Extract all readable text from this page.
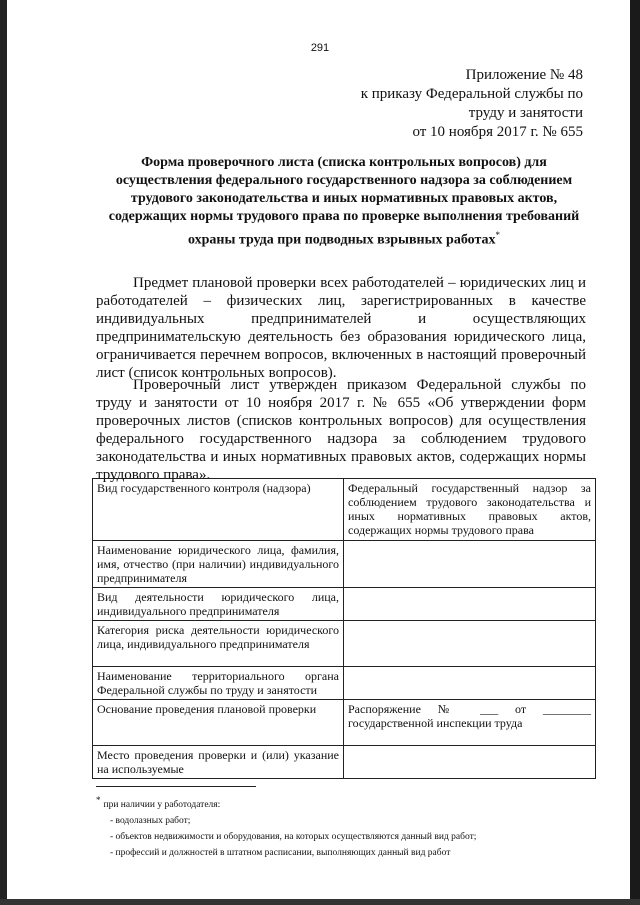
291
Приложение № 48
к приказу Федеральной службы по
труду и занятости
от 10 ноября 2017 г. № 655
Форма проверочного листа (списка контрольных вопросов) для осуществления федерального государственного надзора за соблюдением трудового законодательства и иных нормативных правовых актов, содержащих нормы трудового права по проверке выполнения требований охраны труда при подводных взрывных работах*
Предмет плановой проверки всех работодателей – юридических лиц и работодателей – физических лиц, зарегистрированных в качестве индивидуальных предпринимателей и осуществляющих предпринимательскую деятельность без образования юридического лица, ограничивается перечнем вопросов, включенных в настоящий проверочный лист (список контрольных вопросов).
Проверочный лист утвержден приказом Федеральной службы по труду и занятости от 10 ноября 2017 г. № 655 «Об утверждении форм проверочных листов (списков контрольных вопросов) для осуществления федерального государственного надзора за соблюдением трудового законодательства и иных нормативных правовых актов, содержащих нормы трудового права».
Вид государственного контроля (надзора)	Федеральный государственный надзор за соблюдением трудового законодательства и иных нормативных правовых актов, содержащих нормы трудового права
Наименование юридического лица, фамилия, имя, отчество (при наличии) индивидуального предпринимателя	
Вид деятельности юридического лица, индивидуального предпринимателя	
Категория риска деятельности юридического лица, индивидуального предпринимателя	
Наименование территориального органа Федеральной службы по труду и занятости	
Основание проведения плановой проверки	Распоряжение № ___ от ________ государственной инспекции труда
Место проведения проверки и (или) указание на используемые	
*при наличии у работодателя:
- водолазных работ;
- объектов недвижимости и оборудования, на которых осуществляются данный вид работ;
- профессий и должностей в штатном расписании, выполняющих данный вид работ
